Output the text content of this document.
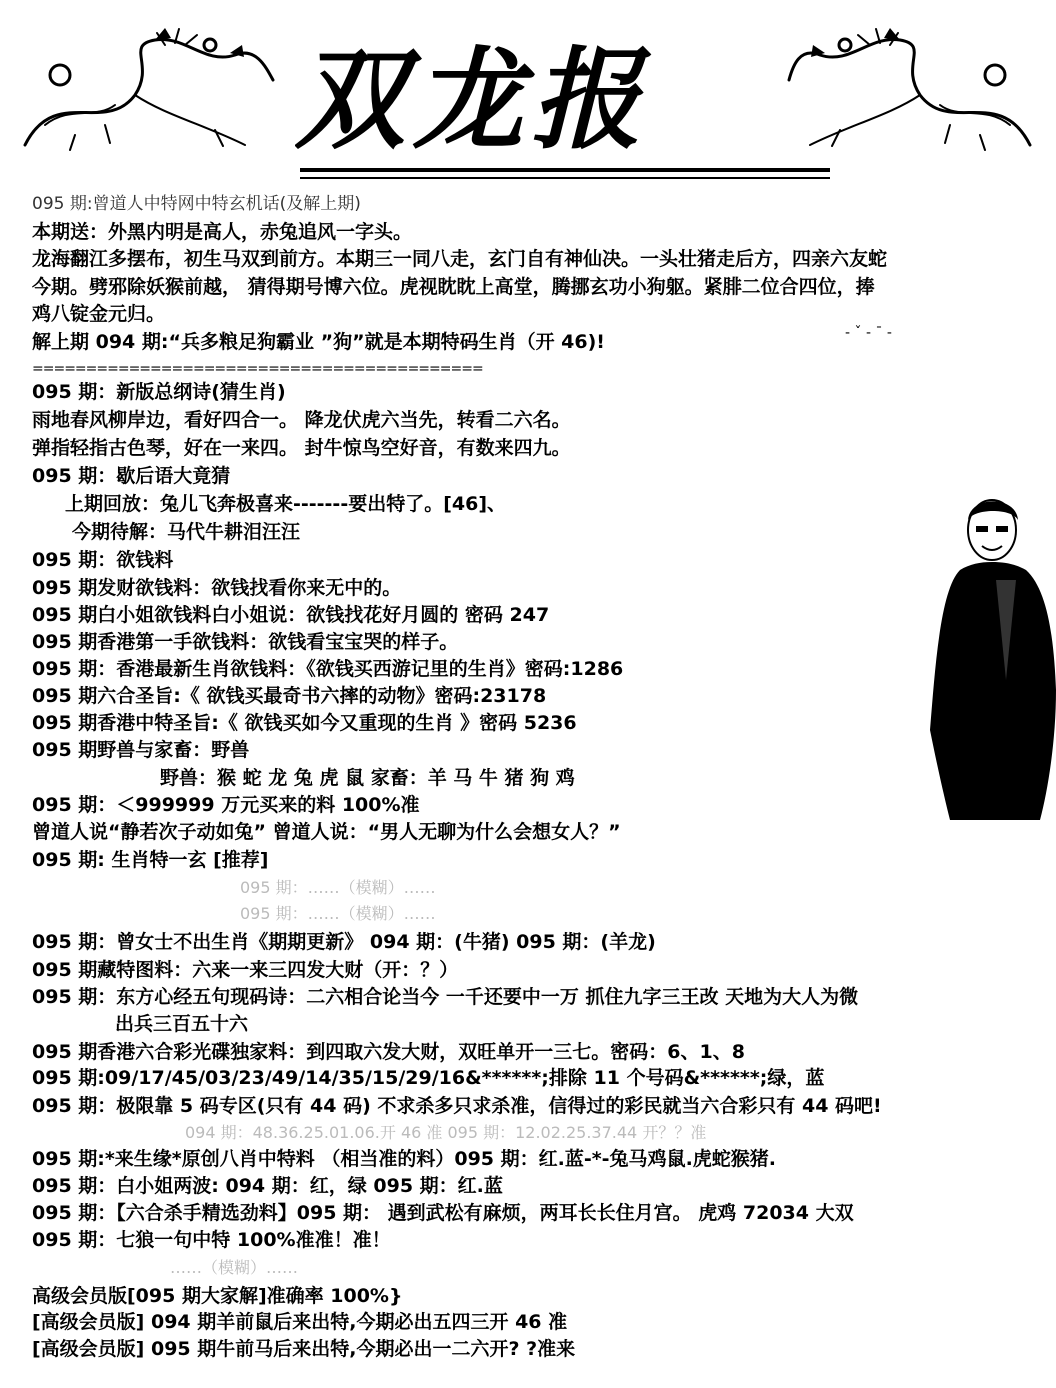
双龙报
‐ ˇ ‐ ˉ ‐
095 期:曾道人中特网中特玄机话(及解上期)
本期送：外黑内明是高人，赤兔追风一字头。
龙海翻江多摆布，初生马双到前方。本期三一同八走，玄门自有神仙决。一头壮猪走后方，四亲六友蛇
今期。劈邪除妖猴前越， 猜得期号博六位。虎视眈眈上高堂，腾挪玄功小狗躯。紧腓二位合四位，捧
鸡八锭金元归。
解上期 094 期:“兵多粮足狗霸业 ”狗”就是本期特码生肖（开 46)!
==========================================
095 期：新版总纲诗(猜生肖)
雨地春风柳岸边，看好四合一。 降龙伏虎六当先，转看二六名。
弹指轻指古色琴，好在一来四。 封牛惊鸟空好音，有数来四九。
095 期：歇后语大竟猜
上期回放：兔儿飞奔极喜来-------要出特了。[46]、
今期待解：马代牛耕泪汪汪
095 期：欲钱料
095 期发财欲钱料：欲钱找看你来无中的。
095 期白小姐欲钱料白小姐说：欲钱找花好月圆的 密码 247
095 期香港第一手欲钱料：欲钱看宝宝哭的样子。
095 期：香港最新生肖欲钱料：《欲钱买西游记里的生肖》密码:1286
095 期六合圣旨:《 欲钱买最奇书六摔的动物》密码:23178
095 期香港中特圣旨:《 欲钱买如今又重现的生肖 》密码 5236
095 期野兽与家畜：野兽
野兽：猴 蛇 龙 兔 虎 鼠 家畜：羊 马 牛 猪 狗 鸡
095 期：＜999999 万元买来的料 100%准
曾道人说“静若次子动如兔” 曾道人说：“男人无聊为什么会想女人？”
095 期: 生肖特一玄 [推荐]
095 期：……（模糊）……
095 期：……（模糊）……
095 期：曾女士不出生肖《期期更新》 094 期：(牛猪) 095 期：(羊龙)
095 期藏特图料：六来一来三四发大财（开：？）
095 期：东方心经五句现码诗：二六相合论当今 一千还要中一万 抓住九字三王改 天地为大人为微
出兵三百五十六
095 期香港六合彩光碟独家料：到四取六发大财，双旺单开一三七。密码：6、1、8
095 期:09/17/45/03/23/49/14/35/15/29/16&******;排除 11 个号码&******;绿，蓝
095 期：极限靠 5 码专区(只有 44 码) 不求杀多只求杀准，信得过的彩民就当六合彩只有 44 码吧!
094 期：48.36.25.01.06.开 46 准 095 期：12.02.25.37.44 开？？准
095 期:*来生缘*原创八肖中特料 （相当准的料）095 期：红.蓝-*-兔马鸡鼠.虎蛇猴猪.
095 期：白小姐两波: 094 期：红，绿 095 期：红.蓝
095 期：【六合杀手精选劲料】095 期： 遇到武松有麻烦，两耳长长住月宫。 虎鸡 72034 大双
095 期：七狼一句中特 100%准准！准！
……（模糊）……
高级会员版[095 期大家解]准确率 100%}
[高级会员版] 094 期羊前鼠后来出特,今期必出五四三开 46 准
[高级会员版] 095 期牛前马后来出特,今期必出一二六开? ?准来
